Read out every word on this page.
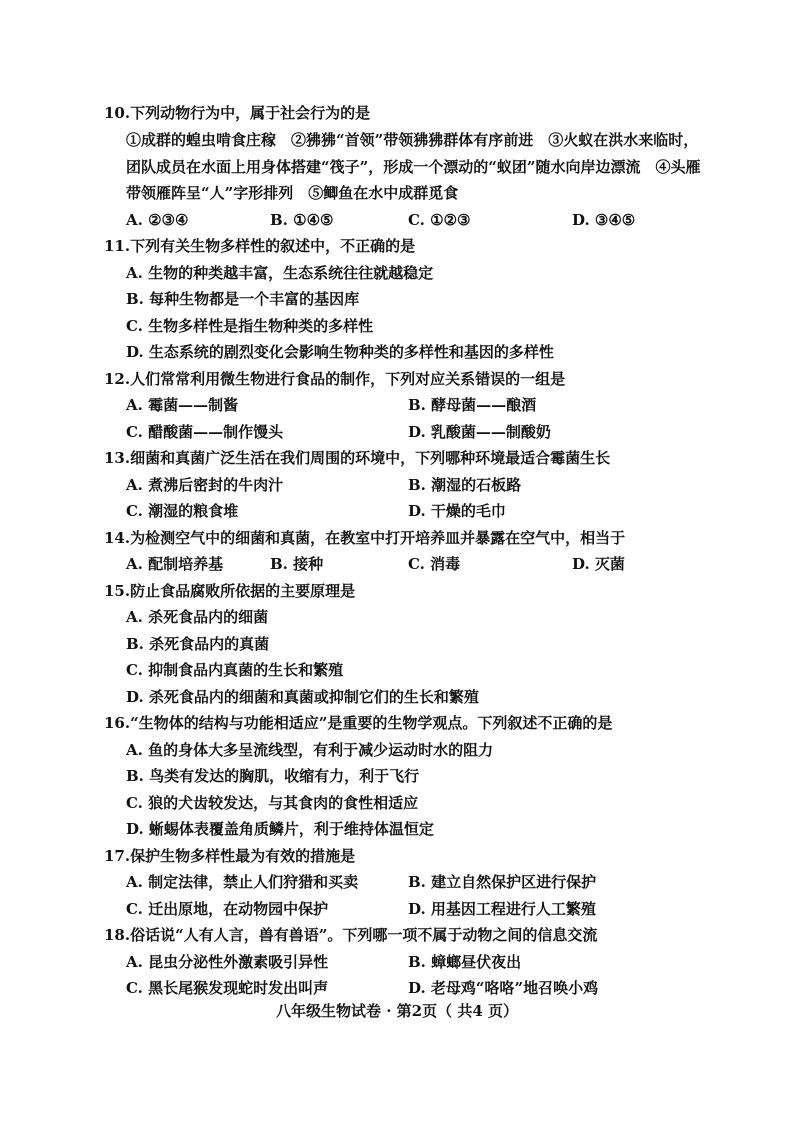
10.下列动物行为中，属于社会行为的是
①成群的蝗虫啃食庄稼　②狒狒“首领”带领狒狒群体有序前进　③火蚁在洪水来临时，
团队成员在水面上用身体搭建“筏子”，形成一个漂动的“蚁团”随水向岸边漂流　④头雁
带领雁阵呈“人”字形排列　⑤鲫鱼在水中成群觅食
A. ②③④	B. ①④⑤	C. ①②③	D. ③④⑤
11.下列有关生物多样性的叙述中，不正确的是
A. 生物的种类越丰富，生态系统往往就越稳定
B. 每种生物都是一个丰富的基因库
C. 生物多样性是指生物种类的多样性
D. 生态系统的剧烈变化会影响生物种类的多样性和基因的多样性
12.人们常常利用微生物进行食品的制作，下列对应关系错误的一组是
A. 霉菌——制酱	B. 酵母菌——酿酒
C. 醋酸菌——制作馒头	D. 乳酸菌——制酸奶
13.细菌和真菌广泛生活在我们周围的环境中，下列哪种环境最适合霉菌生长
A. 煮沸后密封的牛肉汁	B. 潮湿的石板路
C. 潮湿的粮食堆	D. 干燥的毛巾
14.为检测空气中的细菌和真菌，在教室中打开培养皿并暴露在空气中，相当于
A. 配制培养基	B. 接种	C. 消毒	D. 灭菌
15.防止食品腐败所依据的主要原理是
A. 杀死食品内的细菌
B. 杀死食品内的真菌
C. 抑制食品内真菌的生长和繁殖
D. 杀死食品内的细菌和真菌或抑制它们的生长和繁殖
16.“生物体的结构与功能相适应”是重要的生物学观点。下列叙述不正确的是
A. 鱼的身体大多呈流线型，有利于减少运动时水的阻力
B. 鸟类有发达的胸肌，收缩有力，利于飞行
C. 狼的犬齿较发达，与其食肉的食性相适应
D. 蜥蜴体表覆盖角质鳞片，利于维持体温恒定
17.保护生物多样性最为有效的措施是
A. 制定法律，禁止人们狩猎和买卖	B. 建立自然保护区进行保护
C. 迁出原地，在动物园中保护	D. 用基因工程进行人工繁殖
18.俗话说“人有人言，兽有兽语”。下列哪一项不属于动物之间的信息交流
A. 昆虫分泌性外激素吸引异性	B. 蟑螂昼伏夜出
C. 黑长尾猴发现蛇时发出叫声	D. 老母鸡“咯咯”地召唤小鸡
八年级生物试卷 · 第2页（ 共4 页）
